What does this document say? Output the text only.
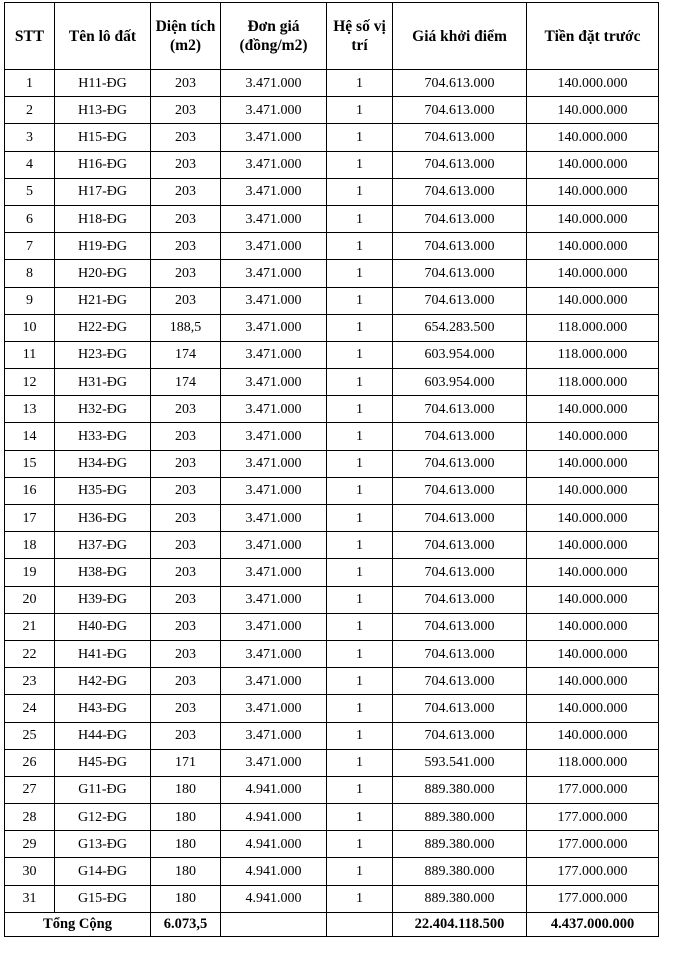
STT	Tên lô đất	Diện tích (m2)	Đơn giá (đồng/m2)	Hệ số vị trí	Giá khởi điểm	Tiền đặt trước
1	H11-ĐG	203	3.471.000	1	704.613.000	140.000.000
2	H13-ĐG	203	3.471.000	1	704.613.000	140.000.000
3	H15-ĐG	203	3.471.000	1	704.613.000	140.000.000
4	H16-ĐG	203	3.471.000	1	704.613.000	140.000.000
5	H17-ĐG	203	3.471.000	1	704.613.000	140.000.000
6	H18-ĐG	203	3.471.000	1	704.613.000	140.000.000
7	H19-ĐG	203	3.471.000	1	704.613.000	140.000.000
8	H20-ĐG	203	3.471.000	1	704.613.000	140.000.000
9	H21-ĐG	203	3.471.000	1	704.613.000	140.000.000
10	H22-ĐG	188,5	3.471.000	1	654.283.500	118.000.000
11	H23-ĐG	174	3.471.000	1	603.954.000	118.000.000
12	H31-ĐG	174	3.471.000	1	603.954.000	118.000.000
13	H32-ĐG	203	3.471.000	1	704.613.000	140.000.000
14	H33-ĐG	203	3.471.000	1	704.613.000	140.000.000
15	H34-ĐG	203	3.471.000	1	704.613.000	140.000.000
16	H35-ĐG	203	3.471.000	1	704.613.000	140.000.000
17	H36-ĐG	203	3.471.000	1	704.613.000	140.000.000
18	H37-ĐG	203	3.471.000	1	704.613.000	140.000.000
19	H38-ĐG	203	3.471.000	1	704.613.000	140.000.000
20	H39-ĐG	203	3.471.000	1	704.613.000	140.000.000
21	H40-ĐG	203	3.471.000	1	704.613.000	140.000.000
22	H41-ĐG	203	3.471.000	1	704.613.000	140.000.000
23	H42-ĐG	203	3.471.000	1	704.613.000	140.000.000
24	H43-ĐG	203	3.471.000	1	704.613.000	140.000.000
25	H44-ĐG	203	3.471.000	1	704.613.000	140.000.000
26	H45-ĐG	171	3.471.000	1	593.541.000	118.000.000
27	G11-ĐG	180	4.941.000	1	889.380.000	177.000.000
28	G12-ĐG	180	4.941.000	1	889.380.000	177.000.000
29	G13-ĐG	180	4.941.000	1	889.380.000	177.000.000
30	G14-ĐG	180	4.941.000	1	889.380.000	177.000.000
31	G15-ĐG	180	4.941.000	1	889.380.000	177.000.000
Tổng Cộng		6.073,5			22.404.118.500	4.437.000.000
